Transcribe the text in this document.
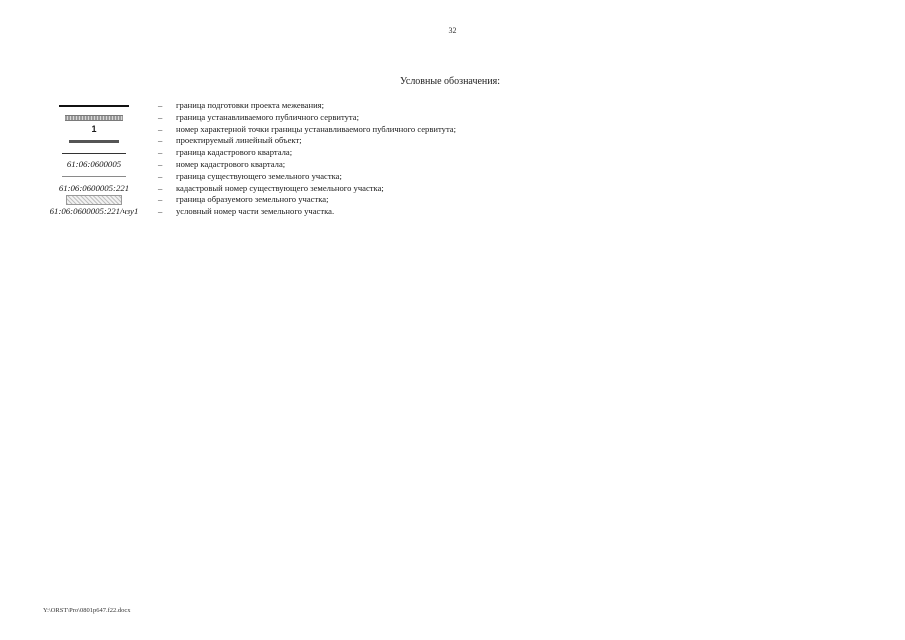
32
Условные обозначения:
–	граница подготовки проекта межевания;
–	граница устанавливаемого публичного сервитута;
1	–	номер характерной точки границы устанавливаемого публичного сервитута;
–	проектируемый линейный объект;
–	граница кадастрового квартала;
61:06:0600005	–	номер кадастрового квартала;
–	граница существующего земельного участка;
61:06:0600005:221	–	кадастровый номер существующего земельного участка;
–	граница образуемого земельного участка;
61:06:0600005:221/чзу1 –	условный номер части земельного участка.
Y:\ORST\Pro\0801p647.f22.docx
